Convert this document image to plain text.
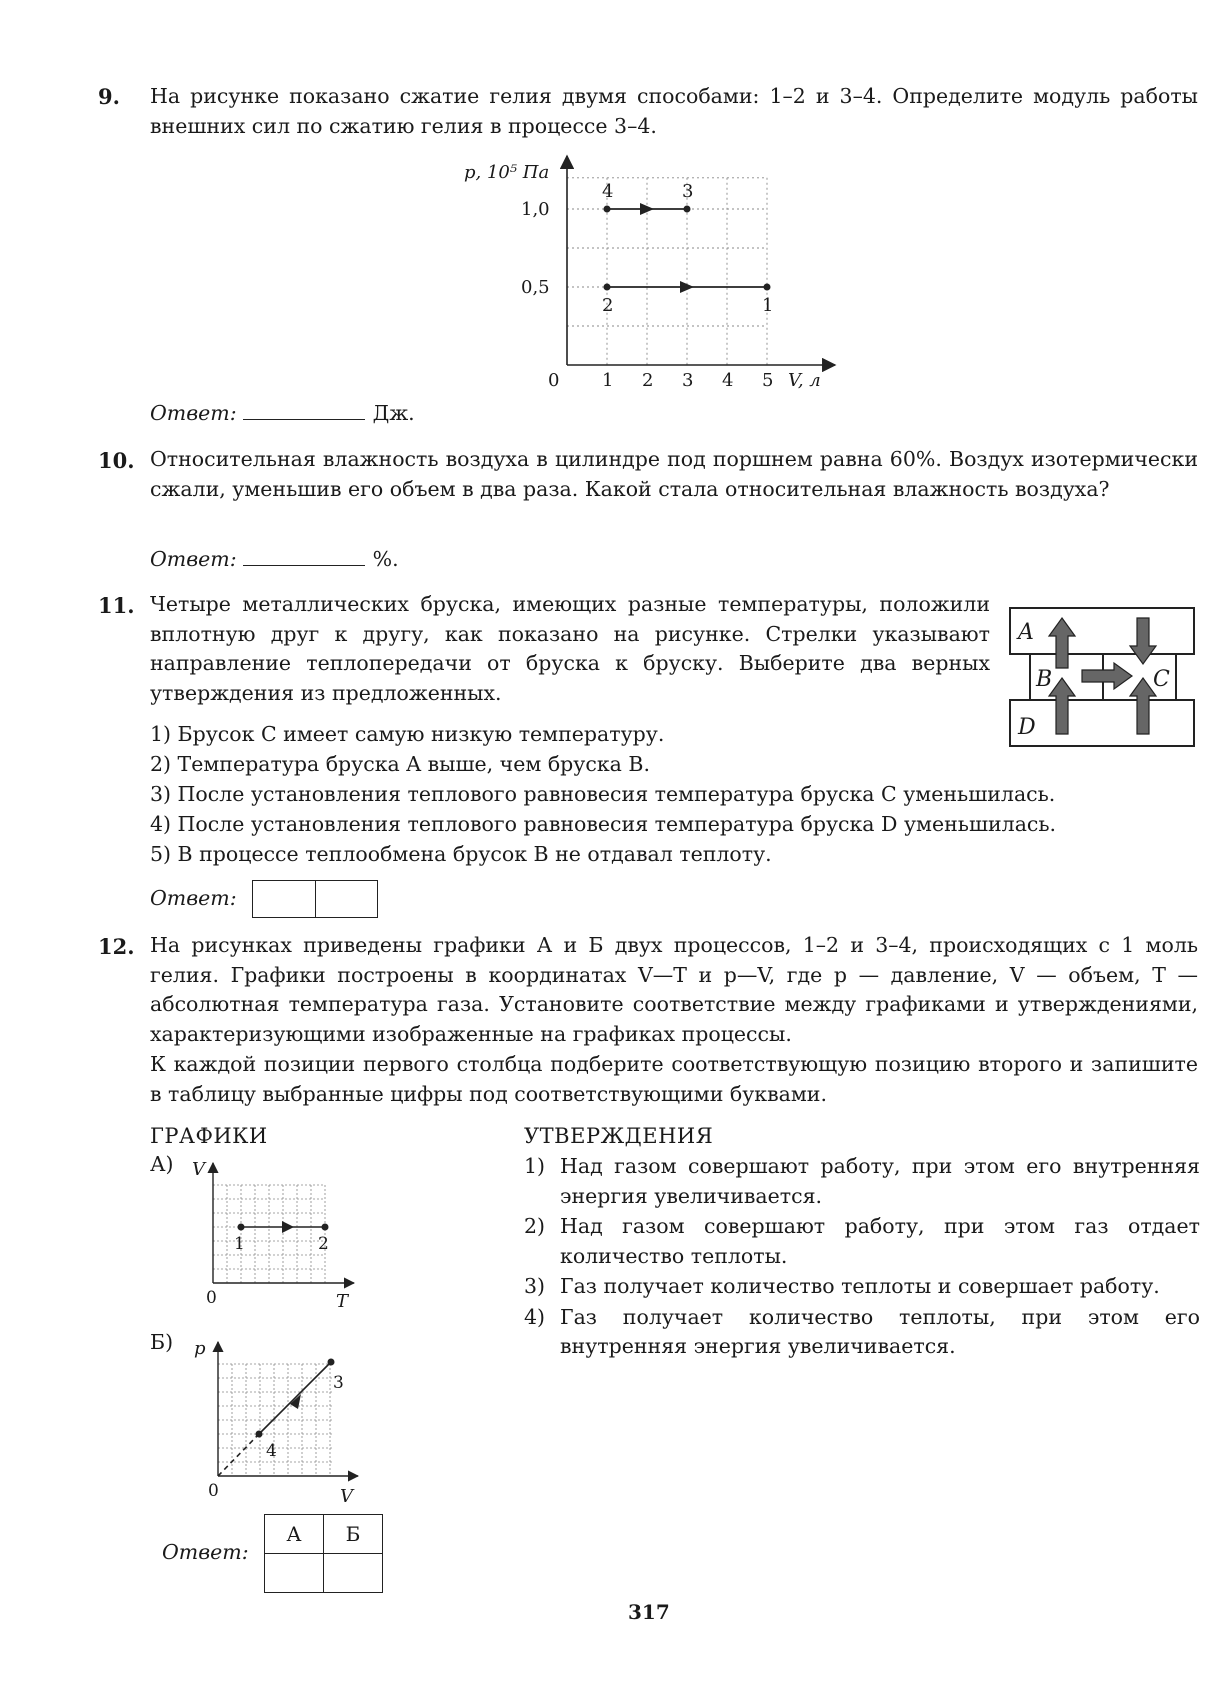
9. На рисунке показано сжатие гелия двумя способами: 1–2 и 3–4. Определите модуль работы внешних сил по сжатию гелия в процессе 3–4.
0 1 2 3 4 5
0,5
1,0
1
2
3
4
p, 10⁵ Па
V, л
Ответ:	Дж.
10. Относительная влажность воздуха в цилиндре под поршнем равна 60%. Воздух изотермически сжали, уменьшив его объем в два раза. Какой стала относительная влажность воздуха?
Ответ:	%.
11. Четыре металлических бруска, имеющих разные температуры, положили вплотную друг к другу, как показано на рисунке. Стрелки указывают направление теплопередачи от бруска к бруску. Выберите два верных утверждения из предложенных.
A
B	C
D
1) Брусок C имеет самую низкую температуру.
2) Температура бруска A выше, чем бруска B.
3) После установления теплового равновесия температура бруска C уменьшилась.
4) После установления теплового равновесия температура бруска D уменьшилась.
5) В процессе теплообмена брусок B не отдавал теплоту.
Ответ:
12. На рисунках приведены графики А и Б двух процессов, 1–2 и 3–4, происходящих с 1 моль гелия. Графики построены в координатах V—T и p—V, где p — давление, V — объем, T — абсолютная температура газа. Установите соответствие между графиками и утверждениями, характеризующими изображенные на графиках процессы.
К каждой позиции первого столбца подберите соответствующую позицию второго и запишите в таблицу выбранные цифры под соответствующими буквами.
ГРАФИКИ	УТВЕРЖДЕНИЯ
1) Над газом совершают работу, при этом его внутренняя энергия увеличивается.
2) Над газом совершают работу, при этом газ отдает количество теплоты.
3) Газ получает количество теплоты и совершает работу.
4) Газ получает количество теплоты, при этом его внутренняя энергия увеличивается.
А)
1	2
V
T
0
Б)
3
4
p
V
0
Ответ:
А	Б

317
